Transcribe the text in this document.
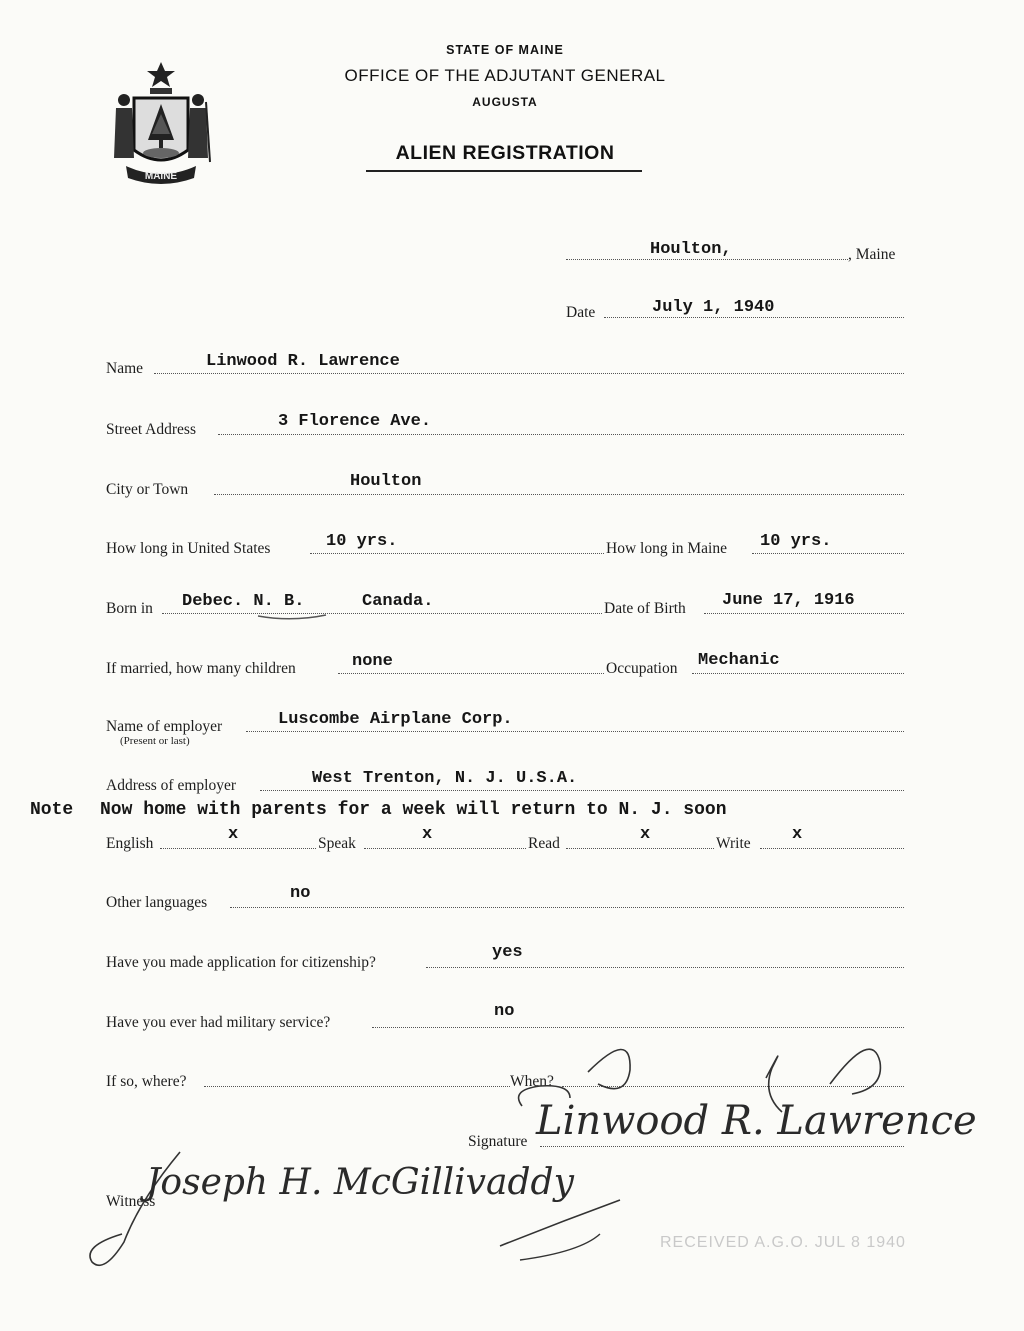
MAINE
STATE OF MAINE
OFFICE OF THE ADJUTANT GENERAL
AUGUSTA
ALIEN REGISTRATION
Houlton,	, Maine
Date	July 1, 1940
Name	Linwood R. Lawrence
Street Address	3 Florence Ave.
City or Town	Houlton
How long in United States	10 yrs.	How long in Maine 10 yrs.
Born in Debec. N. B.	Canada.	Date of Birth June 17, 1916
If married, how many children	none	Occupation Mechanic
Name of employer
(Present or last)
Luscombe Airplane Corp.
Address of employer	West Trenton, N. J. U.S.A.
Note Now home with parents for a week will return to N. J. soon
English	x	Speak	x	Read	x	Write x
Other languages	no
Have you made application for citizenship?
yes
Have you ever had military service?
no
If so, where?	When?
Signature Linwood R. Lawrence
Witness
Joseph H. McGillivaddy
RECEIVED A.G.O. JUL 8 1940
